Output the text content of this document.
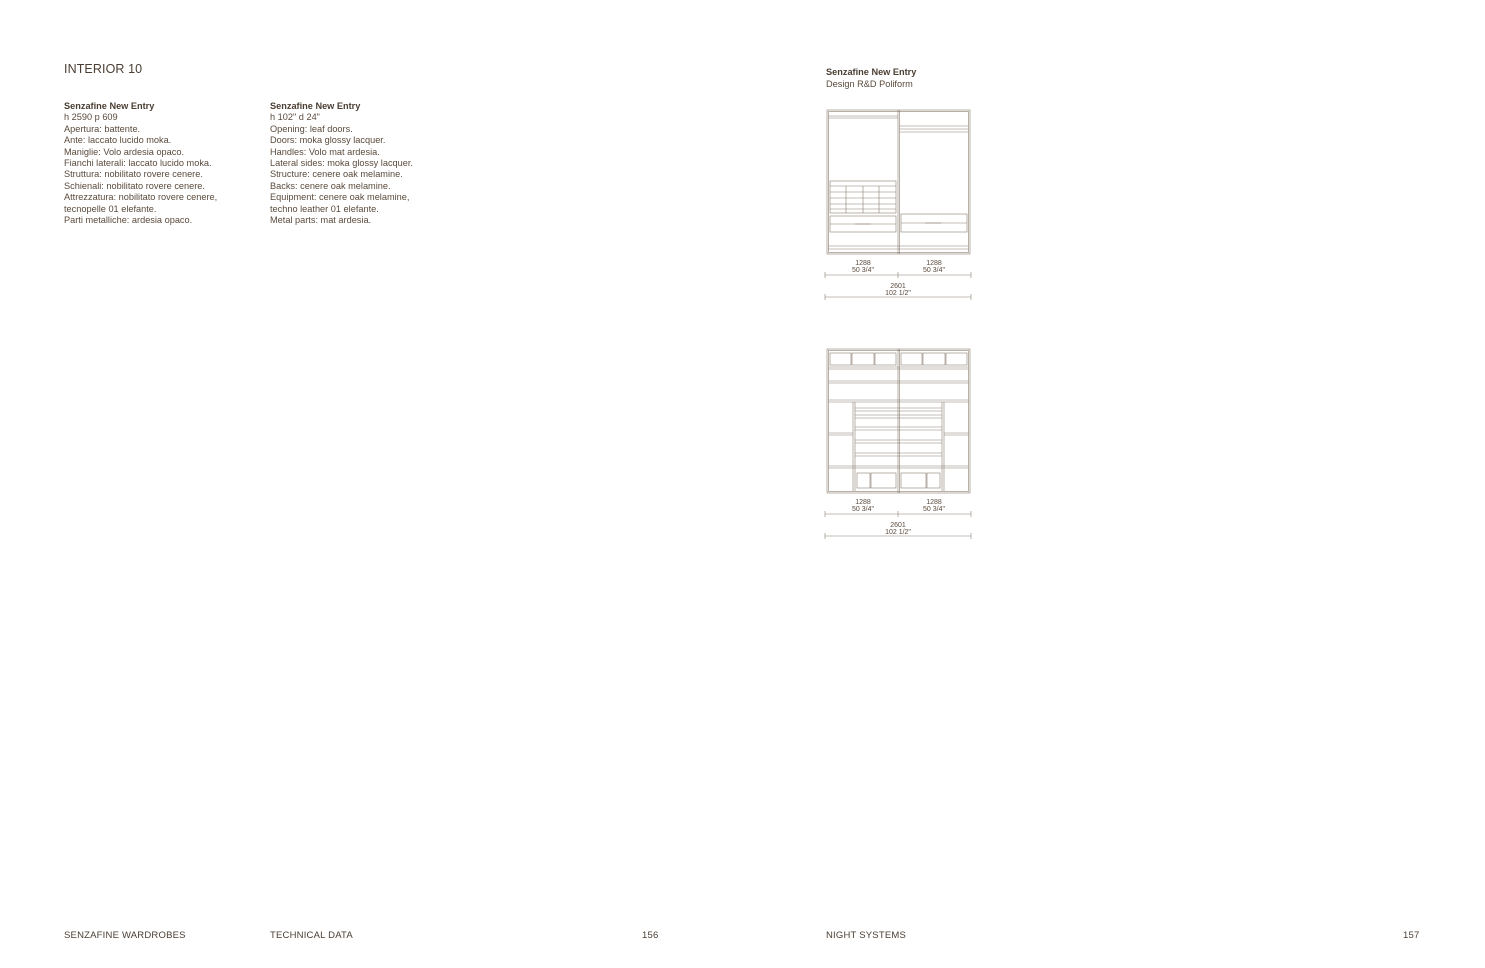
INTERIOR 10
Senzafine New Entry
h 2590 p 609
Apertura: battente.
Ante: laccato lucido moka.
Maniglie: Volo ardesia opaco.
Fianchi laterali: laccato lucido moka.
Struttura: nobilitato rovere cenere.
Schienali: nobilitato rovere cenere.
Attrezzatura: nobilitato rovere cenere,
tecnopelle 01 elefante.
Parti metalliche: ardesia opaco.
Senzafine New Entry
h 102" d 24"
Opening: leaf doors.
Doors: moka glossy lacquer.
Handles: Volo mat ardesia.
Lateral sides: moka glossy lacquer.
Structure: cenere oak melamine.
Backs: cenere oak melamine.
Equipment: cenere oak melamine,
techno leather 01 elefante.
Metal parts: mat ardesia.
Senzafine New Entry
Design R&D Poliform
1288
50 3/4"
1288
50 3/4"
2601
102 1/2"
1288
50 3/4"
1288
50 3/4"
2601
102 1/2"
SENZAFINE WARDROBES	TECHNICAL DATA	156	NIGHT SYSTEMS	157
